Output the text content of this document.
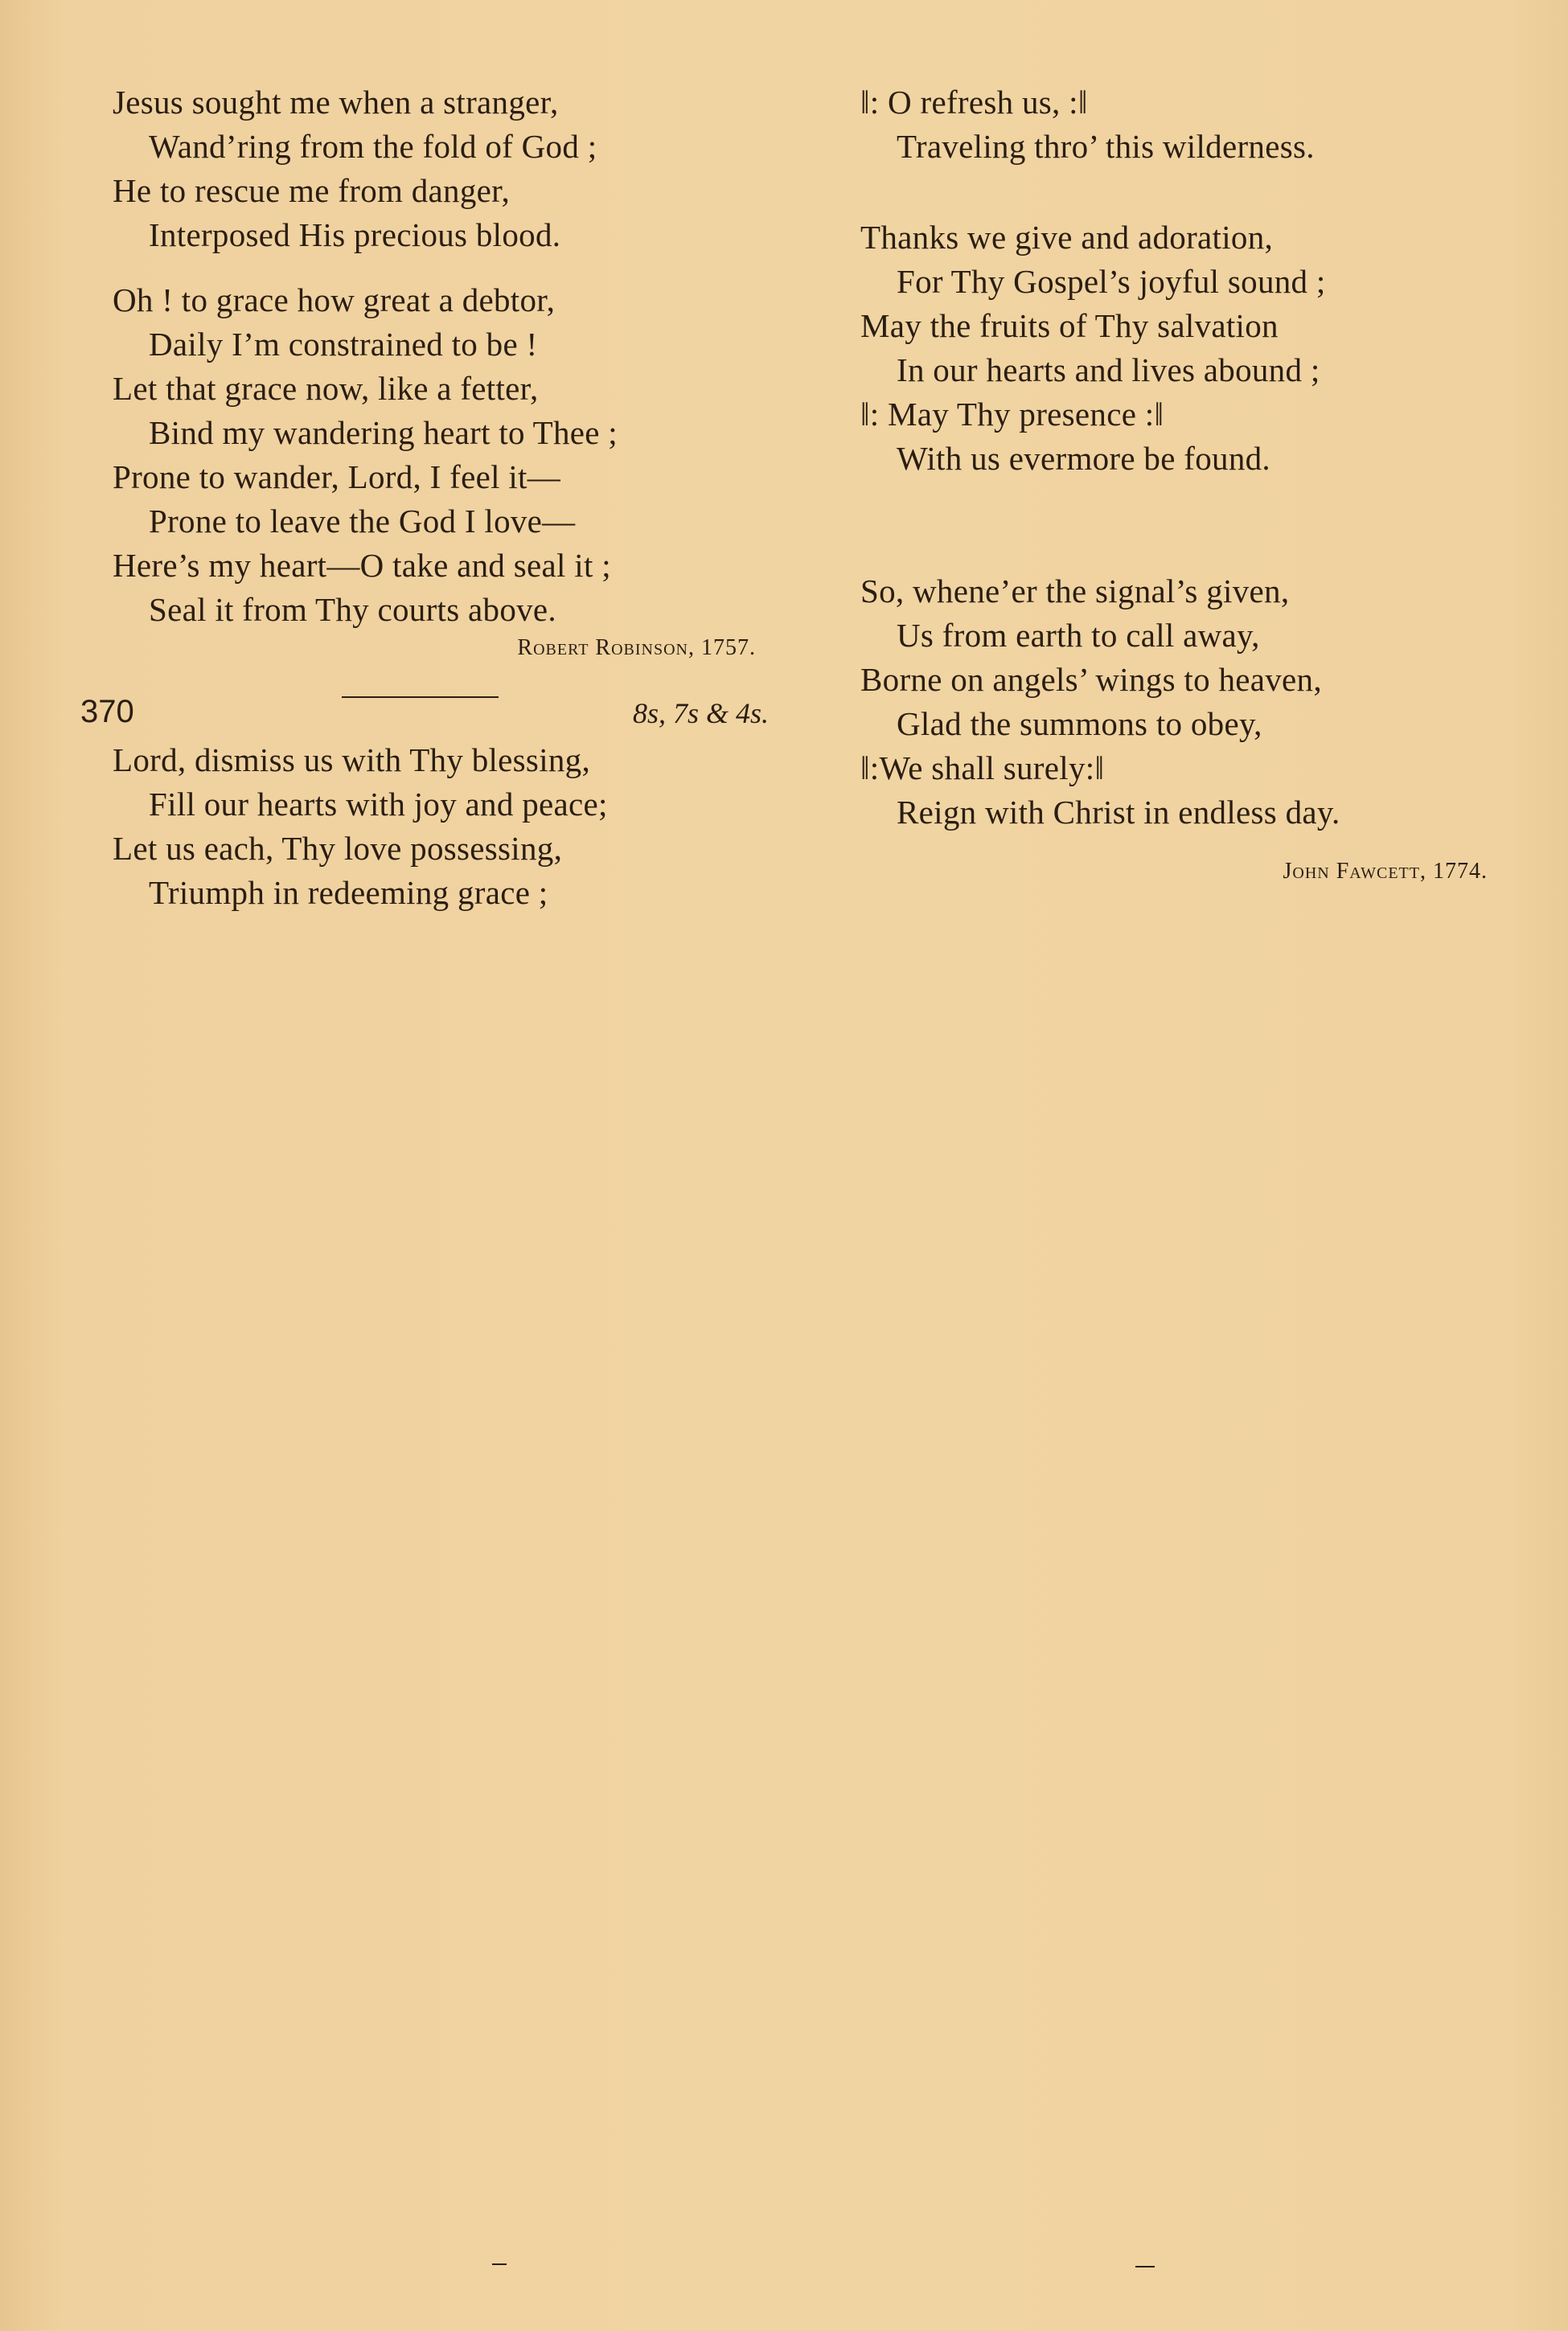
Jesus sought me when a stranger,
Wand’ring from the fold of God ;
He to rescue me from danger,
Interposed His precious blood.
Oh ! to grace how great a debtor,
Daily I’m constrained to be !
Let that grace now, like a fetter,
Bind my wandering heart to Thee ;
Prone to wander, Lord, I feel it—
Prone to leave the God I love—
Here’s my heart—O take and seal it ;
Seal it from Thy courts above.
Robert Robinson, 1757.
370	8s, 7s & 4s.
Lord, dismiss us with Thy blessing,
Fill our hearts with joy and peace;
Let us each, Thy love possessing,
Triumph in redeeming grace ;
‖: O refresh us, :‖
Traveling thro’ this wilderness.
Thanks we give and adoration,
For Thy Gospel’s joyful sound ;
May the fruits of Thy salvation
In our hearts and lives abound ;
‖: May Thy presence :‖
With us evermore be found.
So, whene’er the signal’s given,
Us from earth to call away,
Borne on angels’ wings to heaven,
Glad the summons to obey,
‖:We shall surely:‖
Reign with Christ in endless day.
John Fawcett, 1774.
